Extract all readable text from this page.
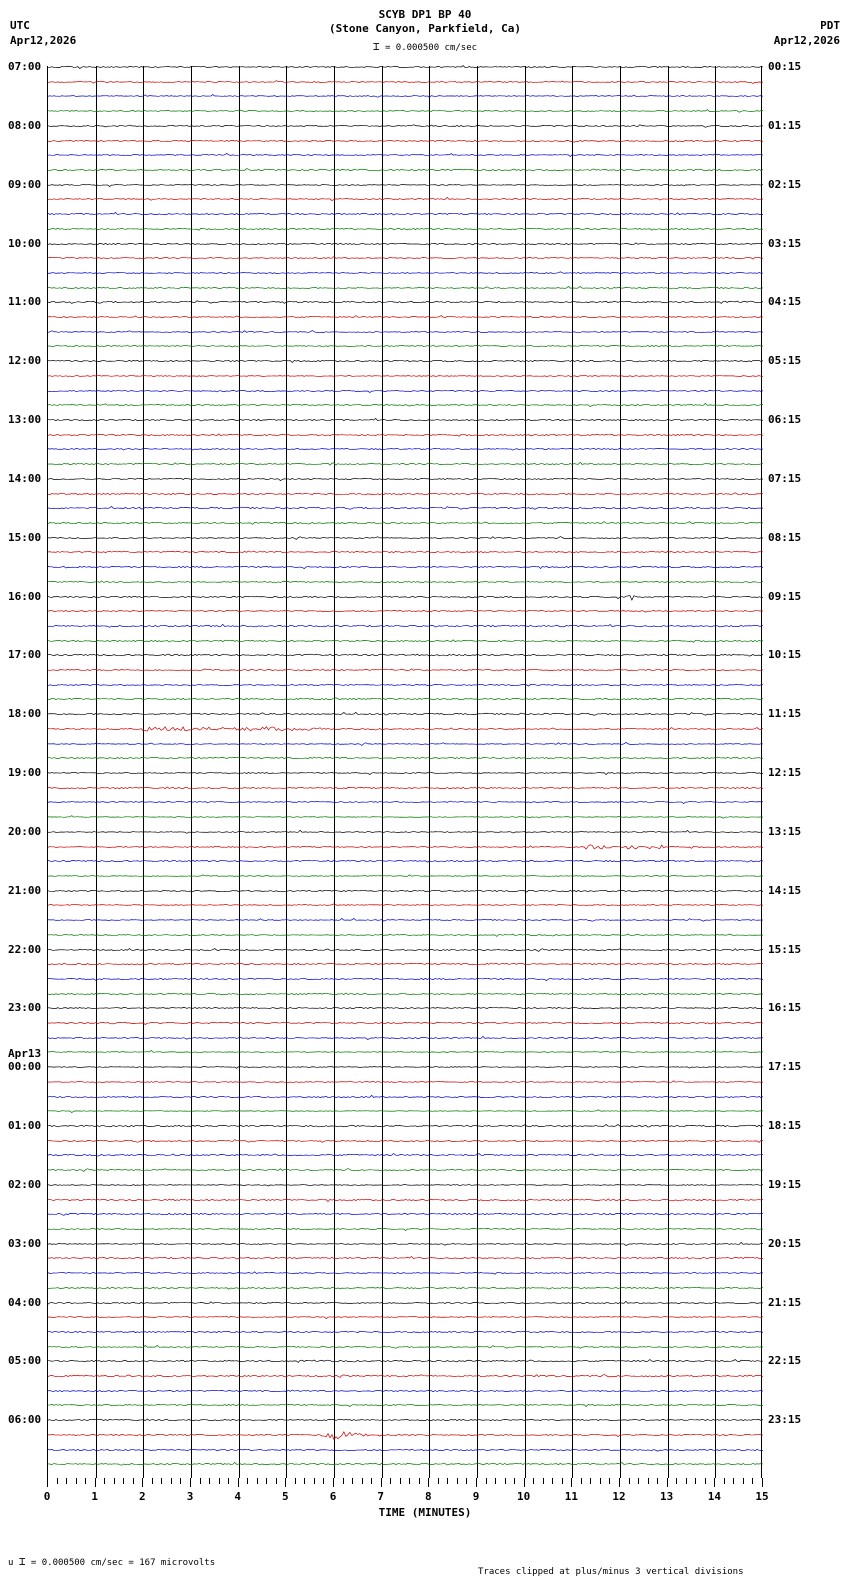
UTC
Apr12,2026
SCYB DP1 BP 40
(Stone Canyon, Parkfield, Ca)	PDT
Apr12,2026
⌶ = 0.000500 cm/sec
07:00	00:15
08:00	01:15
09:00	02:15
10:00	03:15
11:00	04:15
12:00	05:15
13:00	06:15
14:00	07:15
15:00	08:15
16:00	09:15
17:00	10:15
18:00	11:15
19:00	12:15
20:00	13:15
21:00	14:15
22:00	15:15
23:00	16:15
00:00	17:15
01:00	18:15
02:00	19:15
03:00	20:15
04:00	21:15
05:00	22:15
06:00	23:15
Apr13
0	1	2	3	4	5	6	7	8	9	10	11	12	13	14	15
TIME (MINUTES)
u ⌶ = 0.000500 cm/sec = 167 microvolts
Traces clipped at plus/minus 3 vertical divisions
